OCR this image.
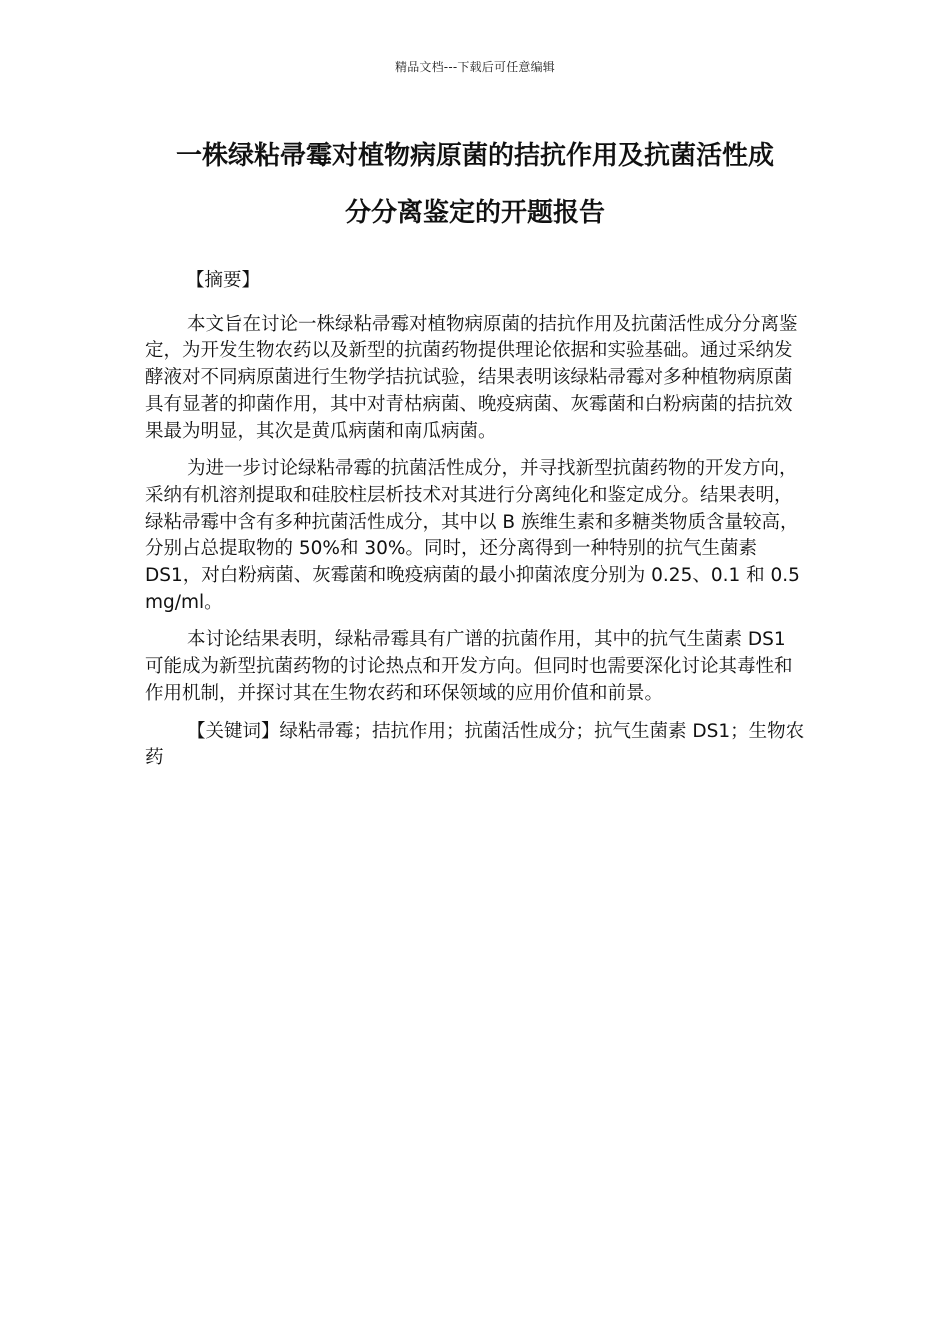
精品文档---下载后可任意编辑
一株绿粘帚霉对植物病原菌的拮抗作用及抗菌活性成
分分离鉴定的开题报告

【摘要】

本文旨在讨论一株绿粘帚霉对植物病原菌的拮抗作用及抗菌活性成分分离鉴定，为开发生物农药以及新型的抗菌药物提供理论依据和实验基础。通过采纳发酵液对不同病原菌进行生物学拮抗试验，结果表明该绿粘帚霉对多种植物病原菌具有显著的抑菌作用，其中对青枯病菌、晚疫病菌、灰霉菌和白粉病菌的拮抗效果最为明显，其次是黄瓜病菌和南瓜病菌。

为进一步讨论绿粘帚霉的抗菌活性成分，并寻找新型抗菌药物的开发方向，采纳有机溶剂提取和硅胶柱层析技术对其进行分离纯化和鉴定成分。结果表明，绿粘帚霉中含有多种抗菌活性成分，其中以 B 族维生素和多糖类物质含量较高，分别占总提取物的 50%和 30%。同时，还分离得到一种特别的抗气生菌素 DS1，对白粉病菌、灰霉菌和晚疫病菌的最小抑菌浓度分别为 0.25、0.1 和 0.5 mg/ml。

本讨论结果表明，绿粘帚霉具有广谱的抗菌作用，其中的抗气生菌素 DS1 可能成为新型抗菌药物的讨论热点和开发方向。但同时也需要深化讨论其毒性和作用机制，并探讨其在生物农药和环保领域的应用价值和前景。

【关键词】绿粘帚霉；拮抗作用；抗菌活性成分；抗气生菌素 DS1；生物农药
